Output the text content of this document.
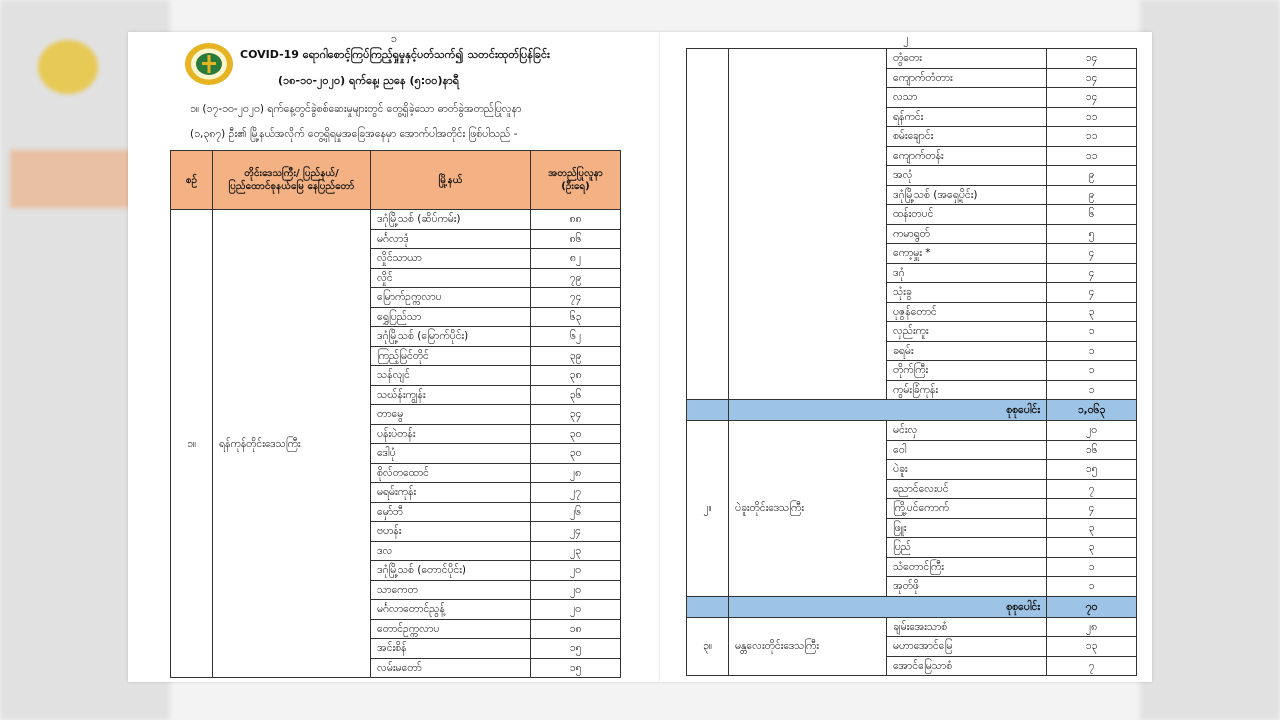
၁
COVID-19 ရောဂါစောင့်ကြပ်ကြည့်ရှုမှုနှင့်ပတ်သက်၍ သတင်းထုတ်ပြန်ခြင်း
(၁၈-၁၀-၂၀၂၀) ရက်နေ့၊ ညနေ (၅:၀၀)နာရီ
၁။ (၁၇-၁၀-၂၀၂၀) ရက်နေ့တွင်ခွဲစစ်ဆေးမှုများတွင် တွေ့ရှိခဲ့သော ဓာတ်ခွဲအတည်ပြုလူနာ
(၁,၃၈၇) ဦး၏ မြို့နယ်အလိုက် တွေ့ရှိရမှုအခြေအနေမှာ အောက်ပါအတိုင်း ဖြစ်ပါသည် -
စဉ်	တိုင်းဒေသကြီး/ ပြည်နယ်/ ပြည်ထောင်စုနယ်မြေ နေပြည်တော်	မြို့နယ်	အတည်ပြုလူနာ (ဦးရေ)
၁။	ရန်ကုန်တိုင်းဒေသကြီး	ဒဂုံမြို့သစ် (ဆိပ်ကမ်း)	၈၈
		မင်္ဂလာဒုံ	၈၆
		လှိုင်သာယာ	၈၂
		လှိုင်	၇၉
		မြောက်ဥက္ကလာပ	၇၄
		ရွှေပြည်သာ	၆၃
		ဒဂုံမြို့သစ် (မြောက်ပိုင်း)	၆၂
		ကြည့်မြင်တိုင်	၃၉
		သန်လျင်	၃၈
		သဃ်န်းကျွန်း	၃၆
		တာမွေ	၃၄
		ပန်းပဲတန်း	၃၀
		ဒေါပုံ	၃၀
		စိုလ်တထောင်	၂၈
		မရမ်းကုန်း	၂၇
		မှော်ဘီ	၂၆
		ဗဟန်း	၂၄
		ဒလ	၂၃
		ဒဂုံမြို့သစ် (တောင်ပိုင်း)	၂၀
		သာကေတ	၂၀
		မင်္ဂလာတောင်ညွန့်	၂၀
		တောင်ဥက္ကလာပ	၁၈
		အင်းစိန်	၁၅
		လမ်းမတော်	၁၅
၂
		တွံတေး	၁၄
		ကျောက်တံတား	၁၄
		လသာ	၁၄
		ရန်ကင်း	၁၁
		စမ်းချောင်း	၁၁
		ကျောက်တန်း	၁၁
		အလုံ	၉
		ဒဂုံမြို့သစ် (အရှေ့ပိုင်း)	၉
		ထန်းတပင်	၆
		ကမာရွတ်	၅
		ကော့မှူး *	၄
		ဒဂုံ	၄
		သုံးခွ	၄
		ပုဇွန်တောင်	၃
		လှည်းကူး	၁
		ခရမ်း	၁
		တိုက်ကြီး	၁
		ကွမ်းခြံကုန်း	၁
	စုစုပေါင်း		၁,၀၆၃
၂။	ပဲခူးတိုင်းဒေသကြီး	မင်းလှ	၂၀
		ဝေါ	၁၆
		ပဲခူး	၁၅
		ညောင်လေးပင်	၇
		ကြို့ပင်ကောက်	၄
		ဖြူး	၃
		ပြည်	၃
		သံတောင်ကြီး	၁
		အုတ်ဖို	၁
	စုစုပေါင်း		၇၀
၃။	မန္တလေးတိုင်းဒေသကြီး	ချမ်းအေးသာစံ	၂၈
		မဟာအောင်မြေ	၁၃
		အောင်မြေသာစံ	၇
